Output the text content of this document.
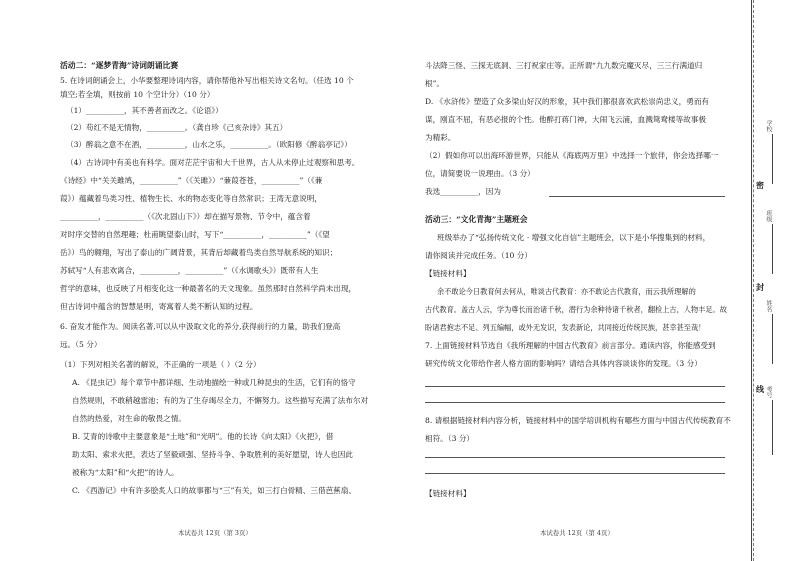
活动二：“逐梦青海”诗词朗诵比赛
5. 在诗词朗诵会上，小华要整理诗词内容，请你帮他补写出相关诗文名句。（任选 10 个
填空;若全填，则按前 10 个空计分）（10 分）
（1）__________，其不善者而改之。《论语》）
（2）苟红不是无情物，__________。（龚自珍《己亥杂诗》其五）
（3）醉翁之意不在酒，__________，山水之乐，__________。（欧阳修《醉翁亭记》）
（4）古诗词中有美也有科学。面对茫茫宇宙和大千世界，古人从未停止过观察和思考。
《诗经》中“关关雎鸠，__________”（《关雎》）“蒹葭苍苍，__________”（《蒹
葭》）蕴藏着鸟类习性、植物生长、水的物态变化等自然常识；王湾无意说明，
__________，__________（《次北固山下》）却在描写景物、节令中，蕴含着
对时序交替的自然理趣；杜甫眺望泰山时，写下“__________，__________”（《望
岳》）鸟的翱翔，写出了泰山的广阔背景，其背后却藏着鸟类自然导航系统的知识；
苏轼写“人有悲欢离合，__________，__________”（《水调歌头》）既带有人生
哲学的意味，也反映了月相变化这一种最著名的天文现象。虽然那时自然科学尚未出现，
但古诗词中蕴含的智慧是明，寄寓着人类不断认知的过程。
6. 奋发才能作为。阅读名著,可以从中汲取文化的养分,获得前行的力量，助我们登高
远。（5 分）
（1）下列对相关名著的解说，不正确的一项是（ ）（2 分）
A. 《昆虫记》每个章节中都详细、生动地描绘一种或几种昆虫的生活，它们有的恪守
自然规则，不敢稍越雷池；有的为了生存竭尽全力，不懈努力。这些描写充满了法布尔对
自然的热爱，对生命的敬畏之情。
B. 艾青的诗歌中主要意象是“土地”和“光明”。他的长诗《向太阳》《火把》，借
助太阳、索求火把，表达了坚毅顽强、坚持斗争、争取胜利的美好愿望，诗人也因此
被称为“太阳”和“火把”的诗人。
C. 《西游记》中有许多脍炙人口的故事都与“三”有关，如三打白骨精、三借芭蕉扇、
本试卷共 12页（第 3页）
斗法降三怪、三探无底洞、三打祝家庄等。正所谓“九九数完魔灭尽，三三行满道归
根”。
D. 《水浒传》塑造了众多梁山好汉的形象，其中我们都很喜欢武松崇尚忠义，勇而有
谋，刚直不屈，有恶必报的个性。他醉打蒋门神，大闹飞云浦，血溅鸳鸯楼等故事极
为精彩。
（2）假如你可以出海环游世界，只能从《海底两万里》中选择一个旅伴，你会选择哪一
位，请简要说一说理由。（3 分）
我选__________，因为
活动三：“文化青海”主题班会
班级举办了“弘扬传统文化 · 增强文化自信”主题班会，以下是小华搜集到的材料，
请你阅读并完成任务。（10 分）
【链接材料】
余不敢论今日教育何去何从，唯谈古代教育：亦不敢论古代教育，而云我所理解的
古代教育。盖古人云，学为尊长而治诸千秋，潜行为余种待诸千秋者，翻检上古，人物丰足。故
盼诸君抱志不足、列五编幅，或外无发识，发表新论，共同接近传统民族，甚幸甚至哉！
7. 上面链接材料节选自《我所理解的中国古代教育》前言部分。通读内容，你能感受到
研究传统文化带给作者人格方面的影响吗？请结合具体内容谈谈你的发现。（3 分）
8. 请根据链接材料内容分析，链接材料中的国学培训机构有哪些方面与中国古代传统教育不
相符。（3 分）
【链接材料】
本试卷共 12页（第 4页）
密
封
线
学校
班级
姓名
考号
